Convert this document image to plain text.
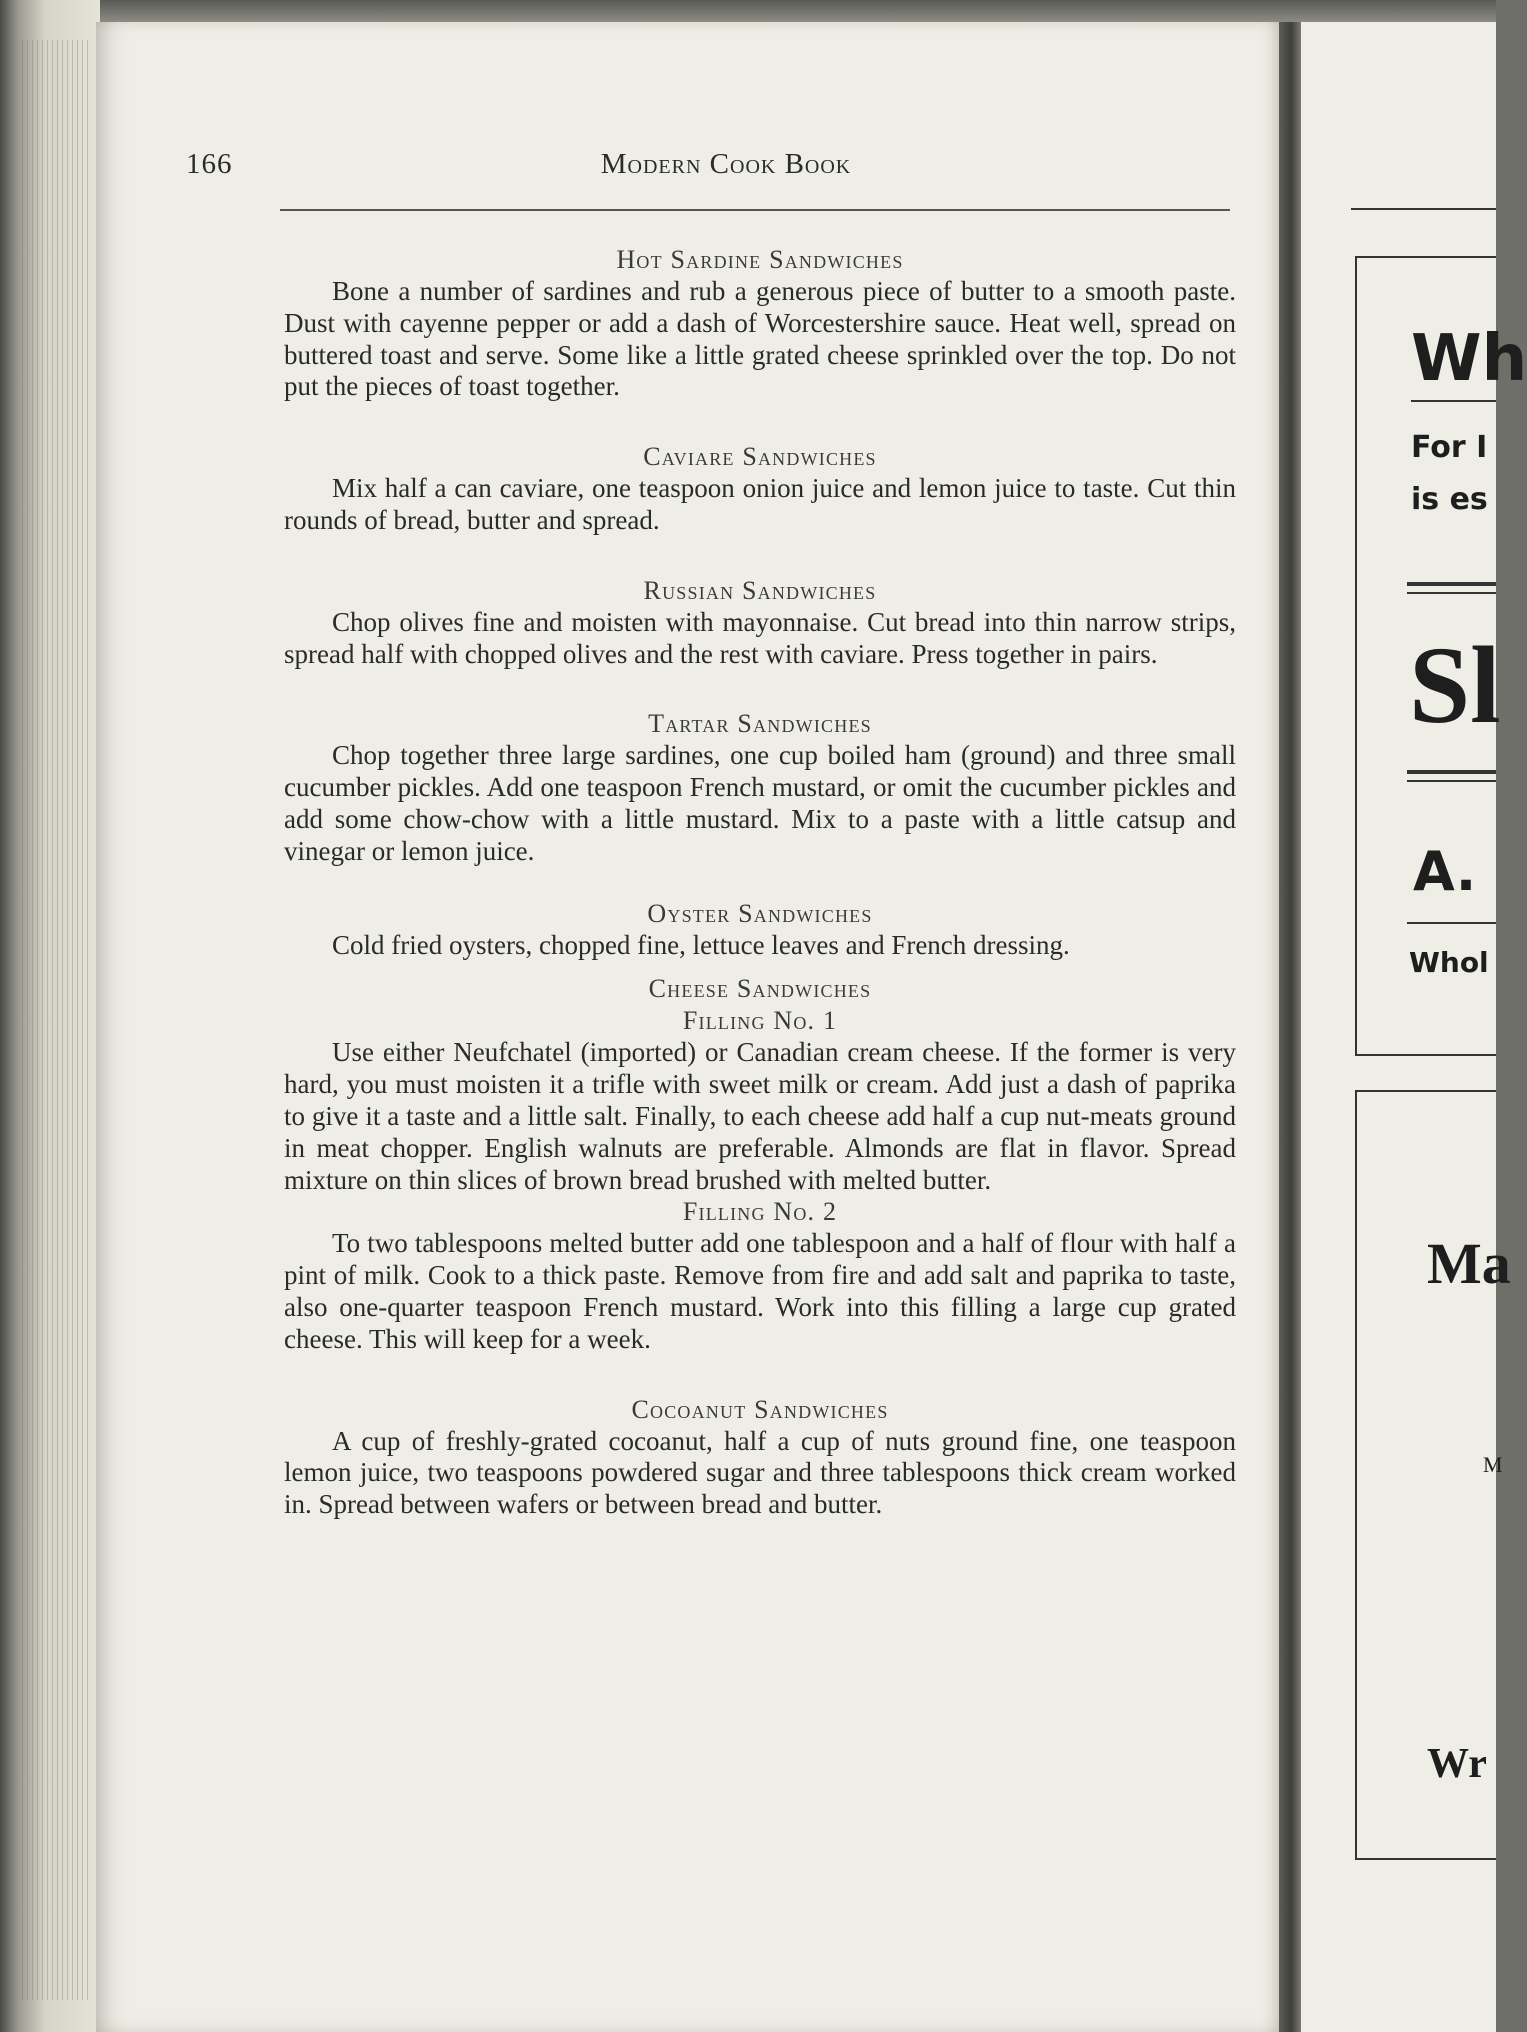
166	Modern Cook Book
Hot Sardine Sandwiches

Bone a number of sardines and rub a generous piece of butter to a smooth paste. Dust with cayenne pepper or add a dash of Worcestershire sauce. Heat well, spread on buttered toast and serve. Some like a little grated cheese sprinkled over the top. Do not put the pieces of toast together.

Caviare Sandwiches

Mix half a can caviare, one teaspoon onion juice and lemon juice to taste. Cut thin rounds of bread, butter and spread.

Russian Sandwiches

Chop olives fine and moisten with mayonnaise. Cut bread into thin narrow strips, spread half with chopped olives and the rest with caviare. Press together in pairs.

Tartar Sandwiches

Chop together three large sardines, one cup boiled ham (ground) and three small cucumber pickles. Add one teaspoon French mustard, or omit the cucumber pickles and add some chow-chow with a little mustard. Mix to a paste with a little catsup and vinegar or lemon juice.

Oyster Sandwiches

Cold fried oysters, chopped fine, lettuce leaves and French dressing.

Cheese Sandwiches
Filling No. 1

Use either Neufchatel (imported) or Canadian cream cheese. If the former is very hard, you must moisten it a trifle with sweet milk or cream. Add just a dash of paprika to give it a taste and a little salt. Finally, to each cheese add half a cup nut-meats ground in meat chopper. English walnuts are preferable. Almonds are flat in flavor. Spread mixture on thin slices of brown bread brushed with melted butter.

Filling No. 2

To two tablespoons melted butter add one tablespoon and a half of flour with half a pint of milk. Cook to a thick paste. Remove from fire and add salt and paprika to taste, also one-quarter teaspoon French mustard. Work into this filling a large cup grated cheese. This will keep for a week.

Cocoanut Sandwiches

A cup of freshly-grated cocoanut, half a cup of nuts ground fine, one teaspoon lemon juice, two teaspoons powdered sugar and three tablespoons thick cream worked in. Spread between wafers or between bread and butter.

Wh
For I
is es
Sl
A.
Whol
Ma
M
Wr
